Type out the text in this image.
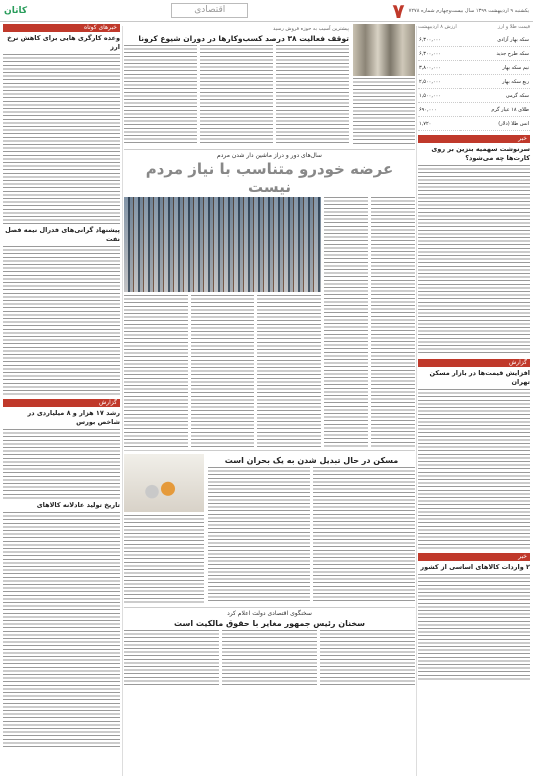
۷ یکشنبه ۹ اردیبهشت ۱۳۹۹ سال بیست‌وچهارم شماره ۷۲۷۸
اقتصادی
کاتان
قیمت طلا و ارز
ارزش ۸ اردیبهشت
سکه بهار آزادی	۶,۳۰۰,۰۰۰
سکه طرح جدید	۶,۳۰۰,۰۰۰
نیم سکه بهار	۳,۸۰۰,۰۰۰
ربع سکه بهار	۲,۵۰۰,۰۰۰
سکه گرمی	۱,۵۰۰,۰۰۰
طلای ۱۸ عیار گرم	۶۹۰,۰۰۰
انس طلا (دلار)	۱,۷۲۰
خبر
سرنوشت سهمیه بنزین بر روی کارت‌ها چه می‌شود؟
گزارش
افزایش قیمت‌ها در بازار مسکن تهران
خبر
۲ واردات کالاهای اساسی از کشور
پیشترین آسیب به حوزه فروش رسید
توقف فعالیت ۳۸ درصد کسب‌وکارها در دوران شیوع کرونا
سال‌های دور و دراز ماشین دار شدن مردم
عرضه خودرو متناسب با نیاز مردم نیست
مسکن در حال تبدیل شدن به یک بحران است
سخنگوی اقتصادی دولت اعلام کرد
سخنان رئیس جمهور مغایر با حقوق مالکیت است
خبرهای کوتاه
وعده کارگری هایی برای کاهش نرخ ارز
پیشنهاد گرانی‌های فدرال نیمه فصل نفت
گزارش
رشد ۱۷ هزار و ۸ میلیاردی در شاخص بورس
تاریخ تولید عادلانه کالاهای
